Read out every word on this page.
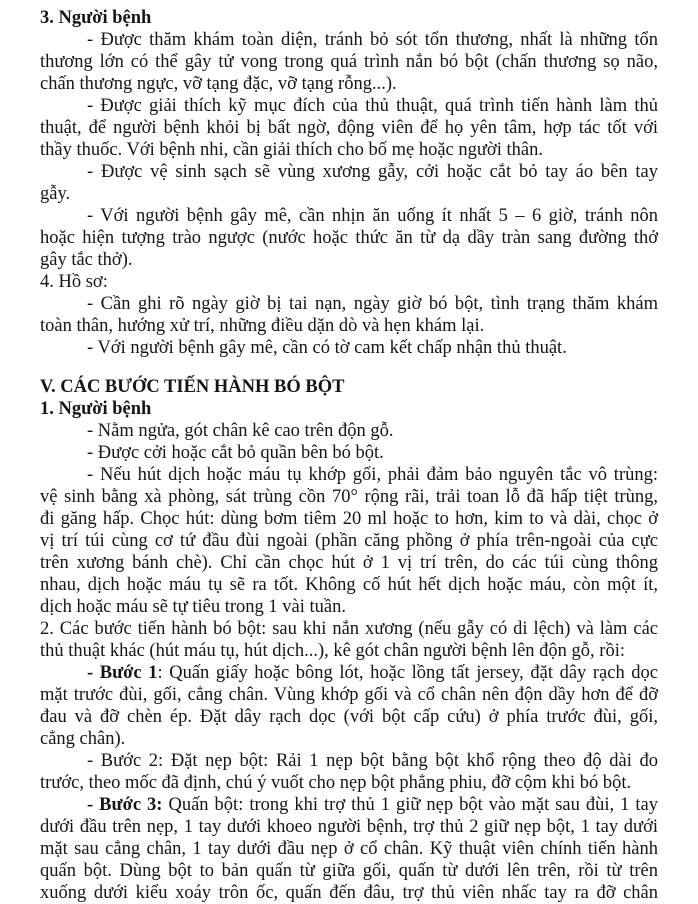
3. Người bệnh
- Được thăm khám toàn diện, tránh bỏ sót tổn thương, nhất là những tổn
thương lớn có thể gây tử vong trong quá trình nắn bó bột (chấn thương sọ não,
chấn thương ngực, vỡ tạng đặc, vỡ tạng rỗng...).
- Được giải thích kỹ mục đích của thủ thuật, quá trình tiến hành làm thủ
thuật, để người bệnh khỏi bị bất ngờ, động viên để họ yên tâm, hợp tác tốt với
thầy thuốc. Với bệnh nhi, cần giải thích cho bố mẹ hoặc người thân.
- Được vệ sinh sạch sẽ vùng xương gẫy, cởi hoặc cắt bỏ tay áo bên tay
gẫy.
- Với người bệnh gây mê, cần nhịn ăn uống ít nhất 5 – 6 giờ, tránh nôn
hoặc hiện tượng trào ngược (nước hoặc thức ăn từ dạ dầy tràn sang đường thở
gây tắc thở).
4. Hồ sơ:
- Cần ghi rõ ngày giờ bị tai nạn, ngày giờ bó bột, tình trạng thăm khám
toàn thân, hướng xử trí, những điều dặn dò và hẹn khám lại.
- Với người bệnh gây mê, cần có tờ cam kết chấp nhận thủ thuật.
V. CÁC BƯỚC TIẾN HÀNH BÓ BỘT
1. Người bệnh
- Nằm ngửa, gót chân kê cao trên độn gỗ.
- Được cởi hoặc cắt bỏ quần bên bó bột.
- Nếu hút dịch hoặc máu tụ khớp gối, phải đảm bảo nguyên tắc vô trùng:
vệ sinh bằng xà phòng, sát trùng cồn 70° rộng rãi, trải toan lỗ đã hấp tiệt trùng,
đi găng hấp. Chọc hút: dùng bơm tiêm 20 ml hoặc to hơn, kim to và dài, chọc ở
vị trí túi cùng cơ tứ đầu đùi ngoài (phần căng phồng ở phía trên-ngoài của cực
trên xương bánh chè). Chỉ cần chọc hút ở 1 vị trí trên, do các túi cùng thông
nhau, dịch hoặc máu tụ sẽ ra tốt. Không cố hút hết dịch hoặc máu, còn một ít,
dịch hoặc máu sẽ tự tiêu trong 1 vài tuần.
2. Các bước tiến hành bó bột: sau khi nắn xương (nếu gẫy có di lệch) và làm các
thủ thuật khác (hút máu tụ, hút dịch...), kê gót chân người bệnh lên độn gỗ, rồi:
- Bước 1: Quấn giấy hoặc bông lót, hoặc lồng tất jersey, đặt dây rạch dọc
mặt trước đùi, gối, cẳng chân. Vùng khớp gối và cổ chân nên độn dầy hơn để đỡ
đau và đỡ chèn ép. Đặt dây rạch dọc (với bột cấp cứu) ở phía trước đùi, gối,
cẳng chân).
- Bước 2: Đặt nẹp bột: Rải 1 nẹp bột bằng bột khổ rộng theo độ dài đo
trước, theo mốc đã định, chú ý vuốt cho nẹp bột phẳng phiu, đỡ cộm khi bó bột.
- Bước 3: Quấn bột: trong khi trợ thủ 1 giữ nẹp bột vào mặt sau đùi, 1 tay
dưới đầu trên nẹp, 1 tay dưới khoeo người bệnh, trợ thủ 2 giữ nẹp bột, 1 tay dưới
mặt sau cẳng chân, 1 tay dưới đầu nẹp ở cổ chân. Kỹ thuật viên chính tiến hành
quấn bột. Dùng bột to bản quấn từ giữa gối, quấn từ dưới lên trên, rồi từ trên
xuống dưới kiểu xoáy trôn ốc, quấn đến đâu, trợ thủ viên nhấc tay ra đỡ chân
